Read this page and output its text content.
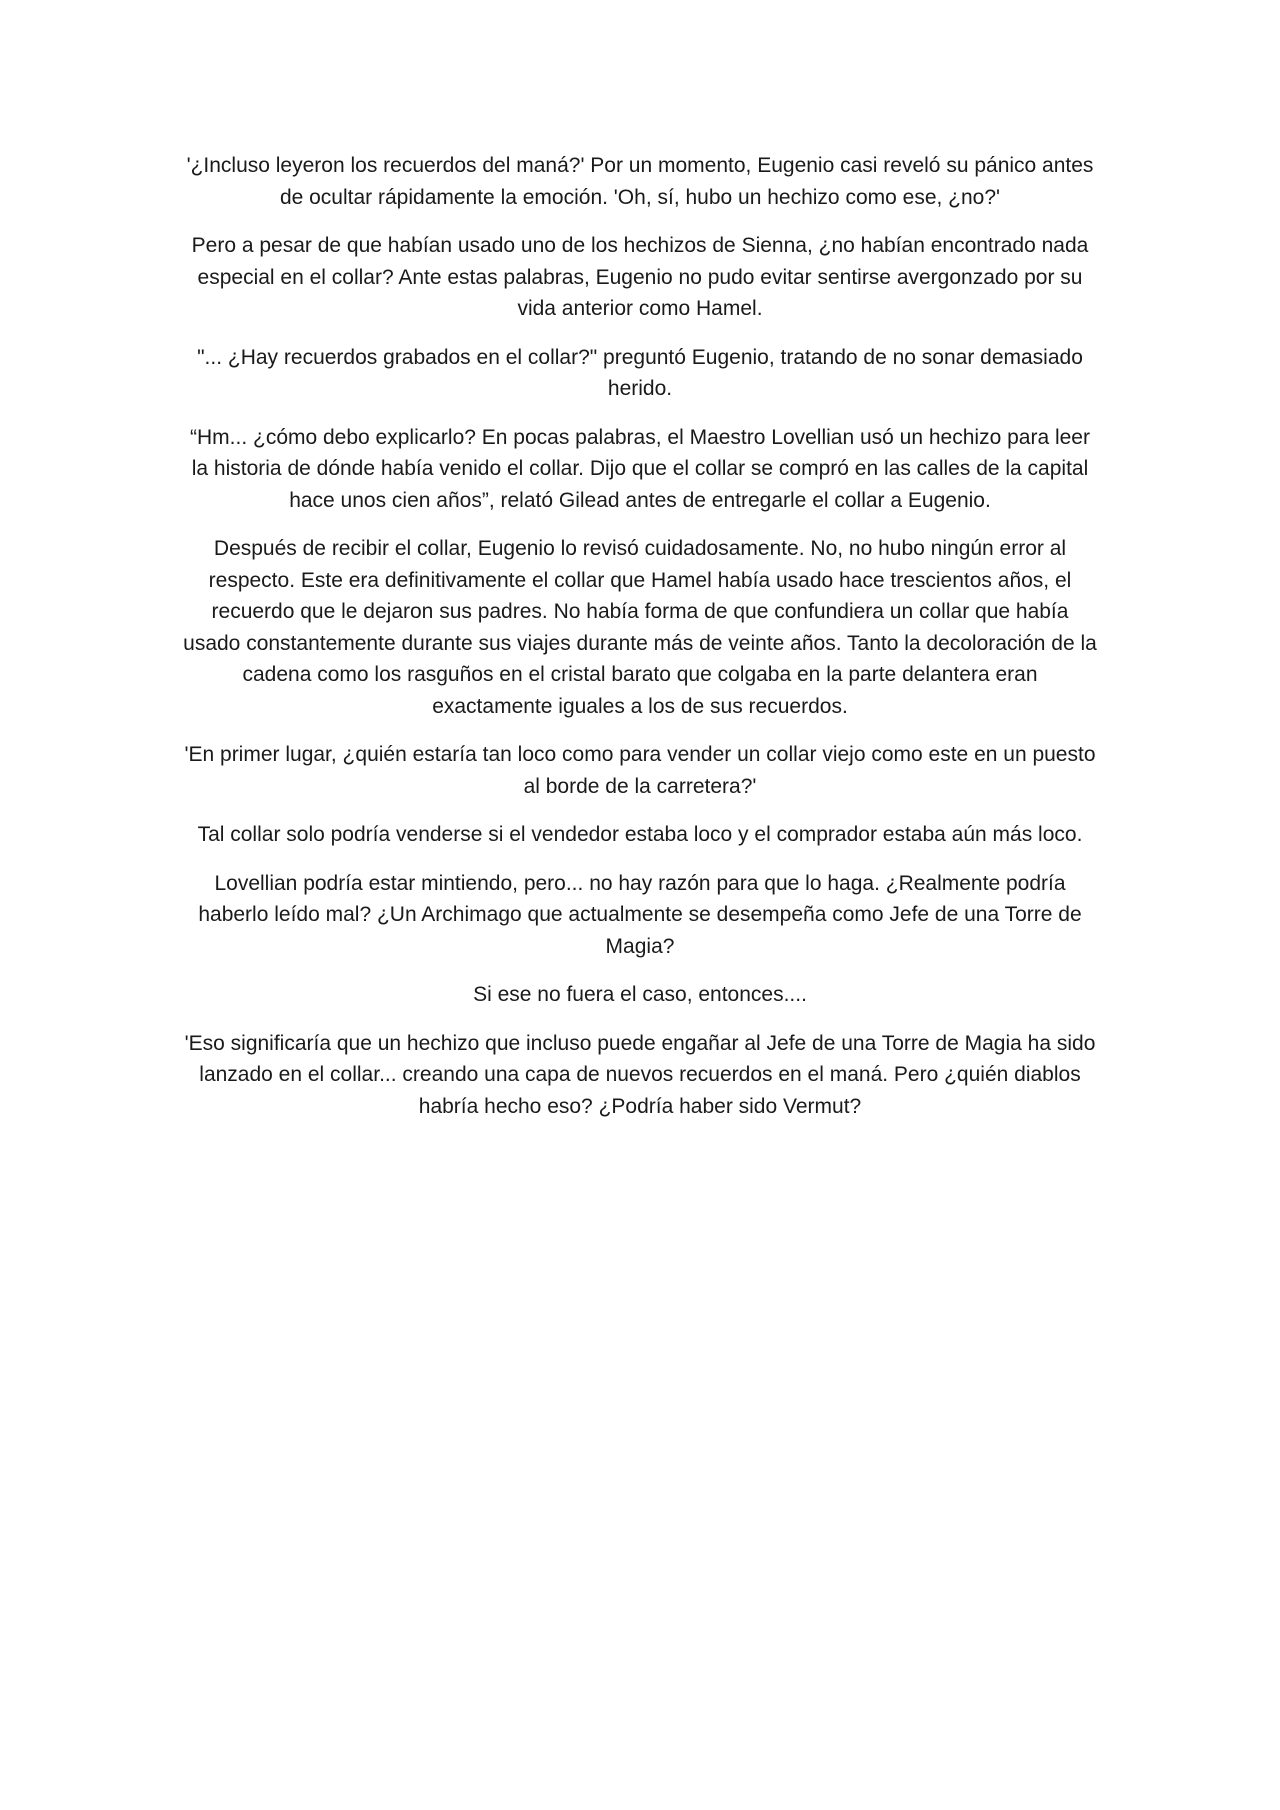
'¿Incluso leyeron los recuerdos del maná?' Por un momento, Eugenio casi reveló su pánico antes de ocultar rápidamente la emoción. 'Oh, sí, hubo un hechizo como ese, ¿no?'

Pero a pesar de que habían usado uno de los hechizos de Sienna, ¿no habían encontrado nada especial en el collar? Ante estas palabras, Eugenio no pudo evitar sentirse avergonzado por su vida anterior como Hamel.

"... ¿Hay recuerdos grabados en el collar?" preguntó Eugenio, tratando de no sonar demasiado herido.

“Hm... ¿cómo debo explicarlo? En pocas palabras, el Maestro Lovellian usó un hechizo para leer la historia de dónde había venido el collar. Dijo que el collar se compró en las calles de la capital hace unos cien años”, relató Gilead antes de entregarle el collar a Eugenio.

Después de recibir el collar, Eugenio lo revisó cuidadosamente. No, no hubo ningún error al respecto. Este era definitivamente el collar que Hamel había usado hace trescientos años, el recuerdo que le dejaron sus padres. No había forma de que confundiera un collar que había usado constantemente durante sus viajes durante más de veinte años. Tanto la decoloración de la cadena como los rasguños en el cristal barato que colgaba en la parte delantera eran exactamente iguales a los de sus recuerdos.

'En primer lugar, ¿quién estaría tan loco como para vender un collar viejo como este en un puesto al borde de la carretera?'

Tal collar solo podría venderse si el vendedor estaba loco y el comprador estaba aún más loco.

Lovellian podría estar mintiendo, pero... no hay razón para que lo haga. ¿Realmente podría haberlo leído mal? ¿Un Archimago que actualmente se desempeña como Jefe de una Torre de Magia?

Si ese no fuera el caso, entonces....

'Eso significaría que un hechizo que incluso puede engañar al Jefe de una Torre de Magia ha sido lanzado en el collar... creando una capa de nuevos recuerdos en el maná. Pero ¿quién diablos habría hecho eso? ¿Podría haber sido Vermut?
